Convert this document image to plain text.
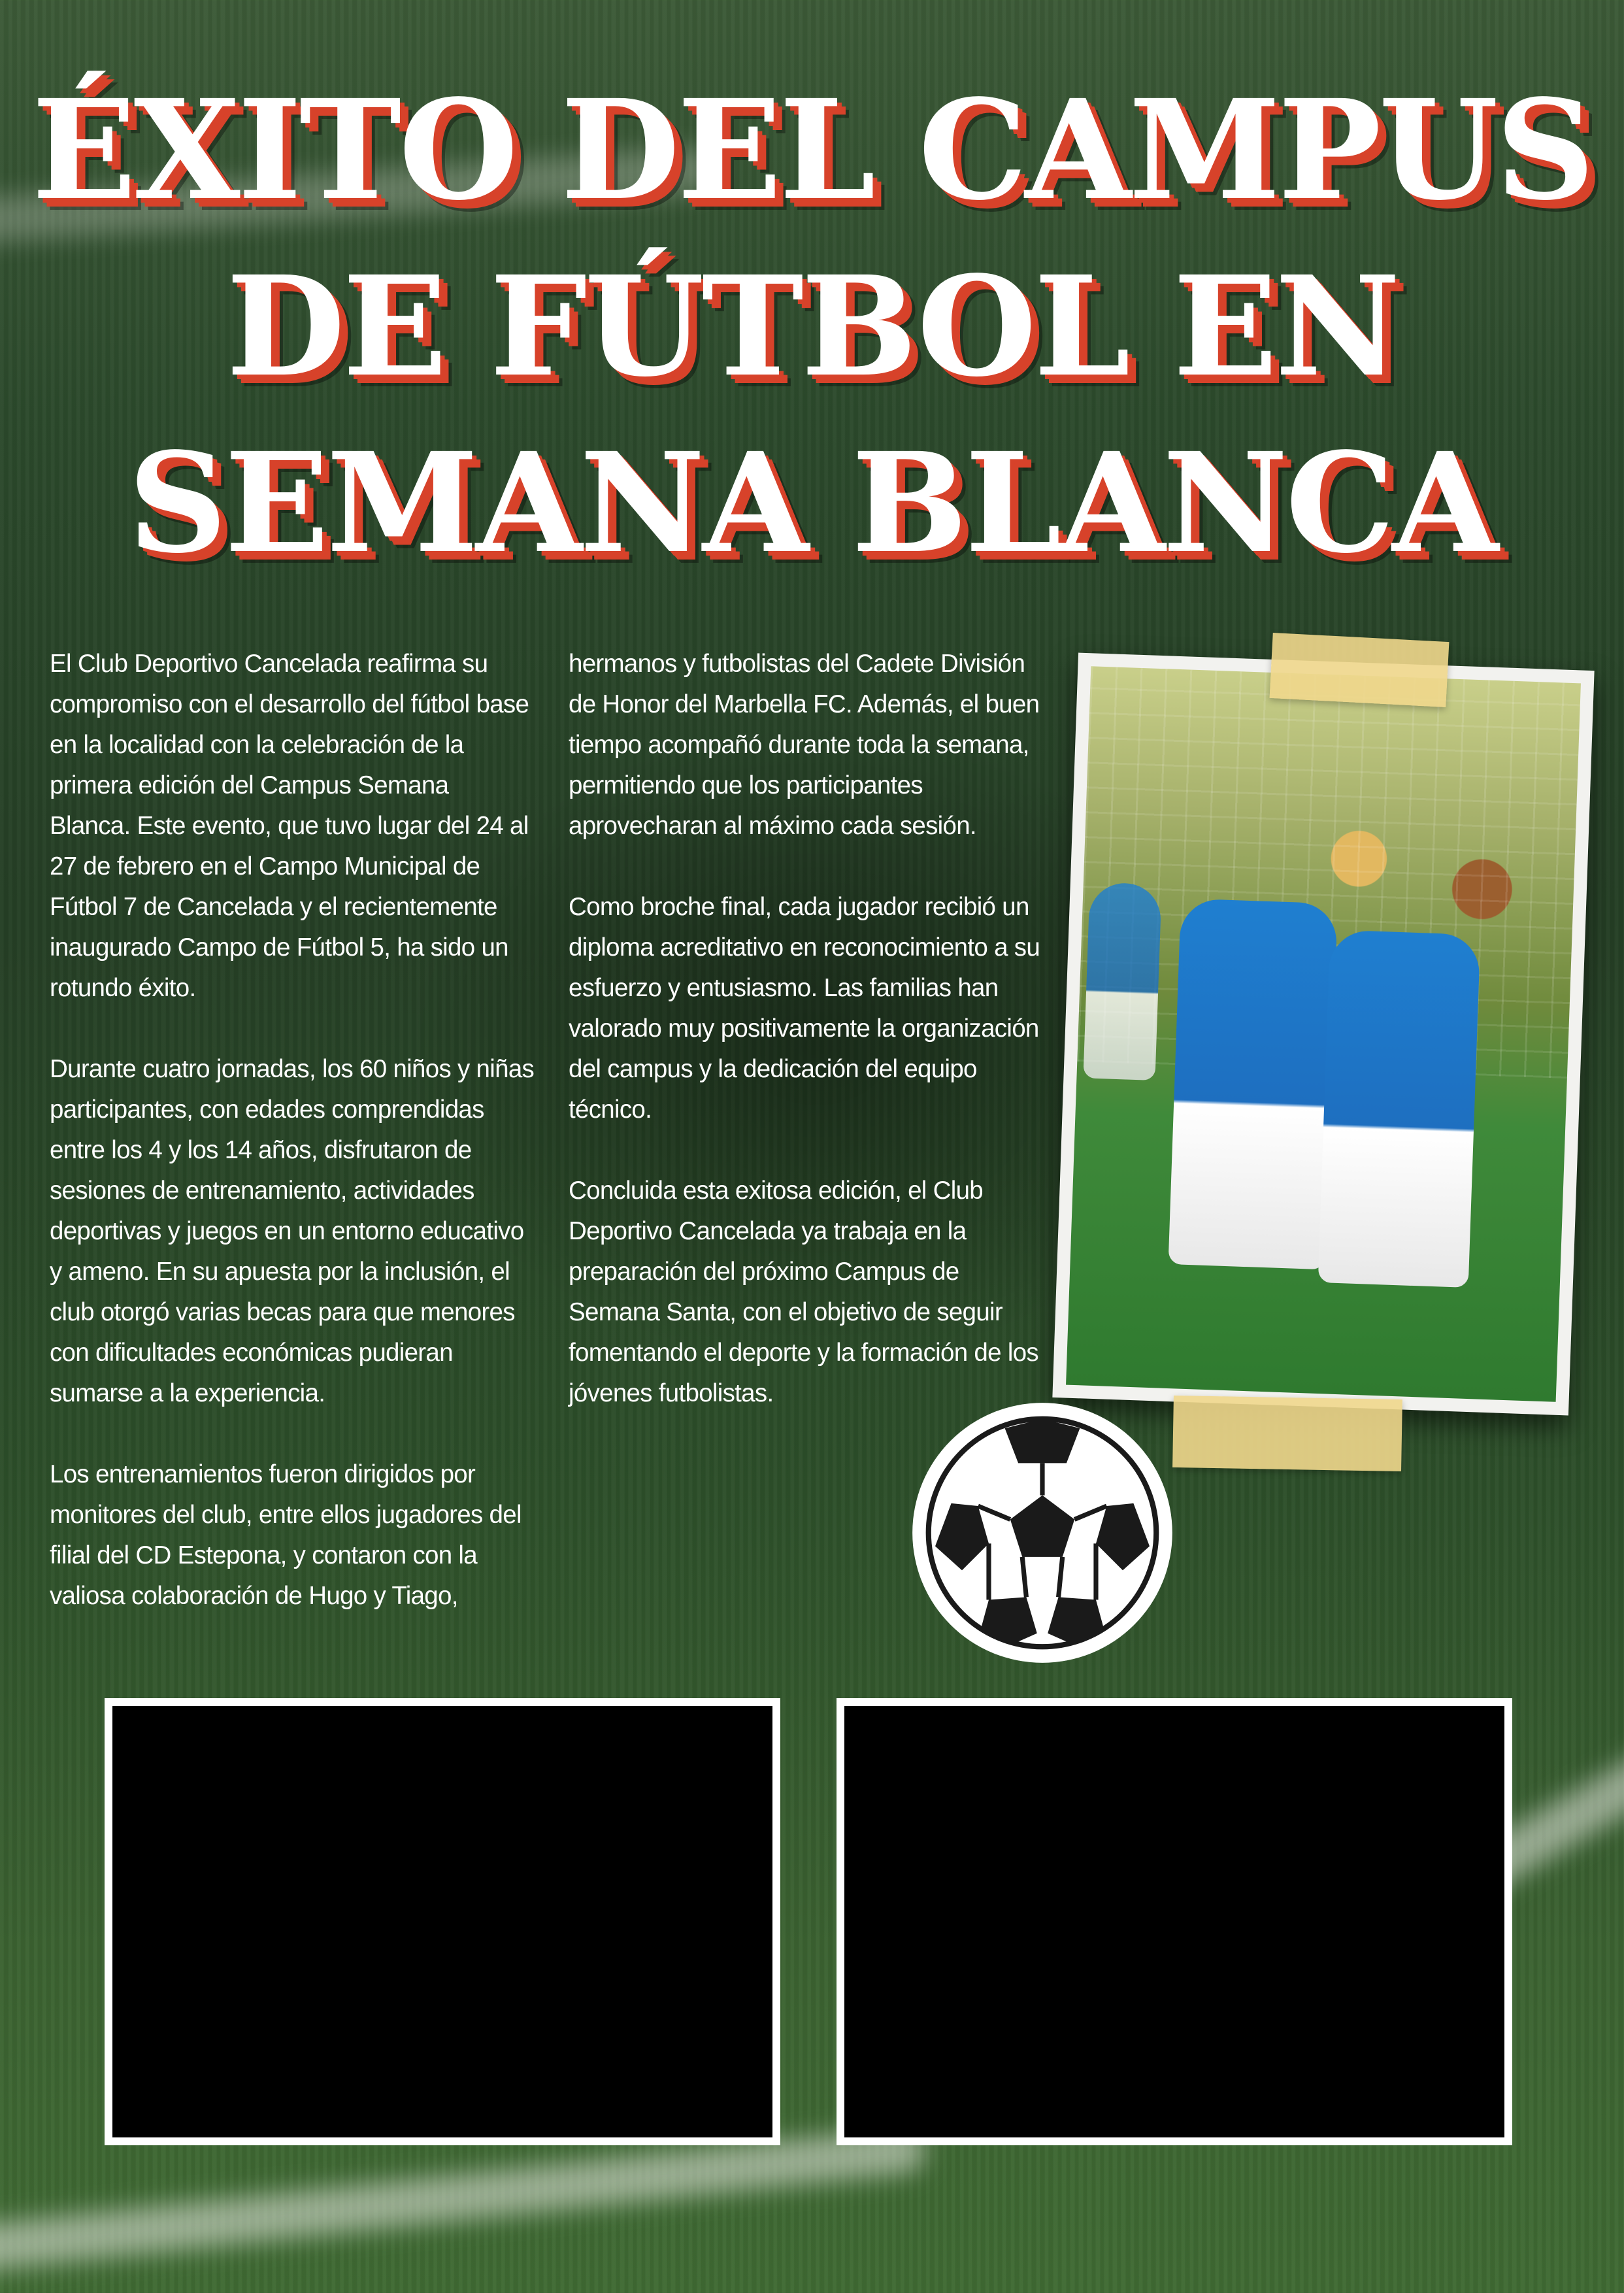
ÉXITO DEL CAMPUS
DE FÚTBOL EN
SEMANA BLANCA

El Club Deportivo Cancelada reafirma su compromiso con el desarrollo del fútbol base en la localidad con la celebración de la primera edición del Campus Semana Blanca. Este evento, que tuvo lugar del 24 al 27 de febrero en el Campo Municipal de Fútbol 7 de Cancelada y el recientemente inaugurado Campo de Fútbol 5, ha sido un rotundo éxito.

Durante cuatro jornadas, los 60 niños y niñas participantes, con edades comprendidas entre los 4 y los 14 años, disfrutaron de sesiones de entrenamiento, actividades deportivas y juegos en un entorno educativo y ameno. En su apuesta por la inclusión, el club otorgó varias becas para que menores con dificultades económicas pudieran sumarse a la experiencia.

Los entrenamientos fueron dirigidos por monitores del club, entre ellos jugadores del filial del CD Estepona, y contaron con la valiosa colaboración de Hugo y Tiago,

hermanos y futbolistas del Cadete División de Honor del Marbella FC. Además, el buen tiempo acompañó durante toda la semana, permitiendo que los participantes aprovecharan al máximo cada sesión.

Como broche final, cada jugador recibió un diploma acreditativo en reconocimiento a su esfuerzo y entusiasmo. Las familias han valorado muy positivamente la organización del campus y la dedicación del equipo técnico.

Concluida esta exitosa edición, el Club Deportivo Cancelada ya trabaja en la preparación del próximo Campus de Semana Santa, con el objetivo de seguir fomentando el deporte y la formación de los jóvenes futbolistas.
